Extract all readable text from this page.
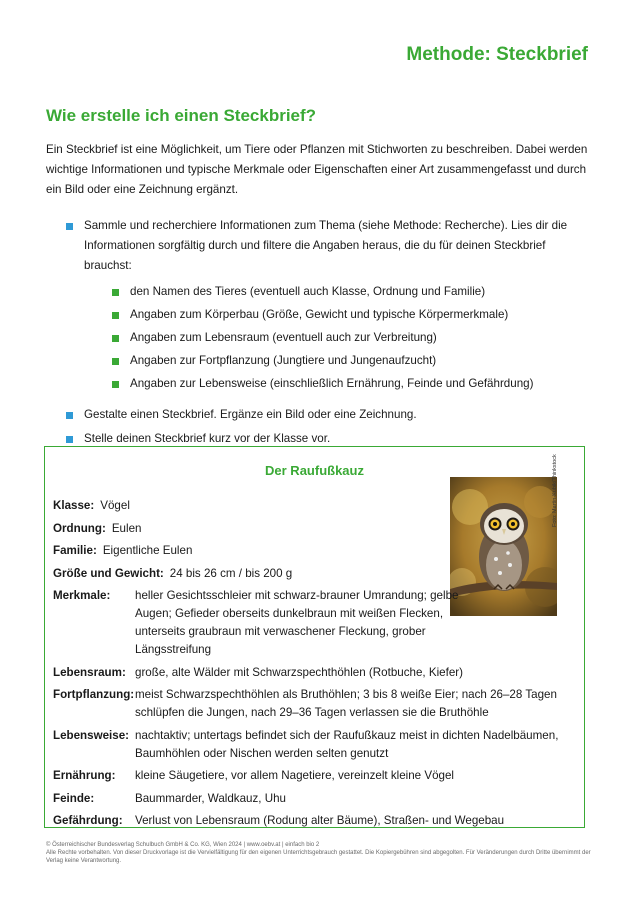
Methode: Steckbrief
Wie erstelle ich einen Steckbrief?

Ein Steckbrief ist eine Möglichkeit, um Tiere oder Pflanzen mit Stichworten zu beschreiben. Dabei werden wichtige Informationen und typische Merkmale oder Eigenschaften einer Art zusammengefasst und durch ein Bild oder eine Zeichnung ergänzt.

Sammle und recherchiere Informationen zum Thema (siehe Methode: Recherche). Lies dir die Informationen sorgfältig durch und filtere die Angaben heraus, die du für deinen Steckbrief brauchst:
den Namen des Tieres (eventuell auch Klasse, Ordnung und Familie)
Angaben zum Körperbau (Größe, Gewicht und typische Körpermerkmale)
Angaben zum Lebensraum (eventuell auch zur Verbreitung)
Angaben zur Fortpflanzung (Jungtiere und Jungenaufzucht)
Angaben zur Lebensweise (einschließlich Ernährung, Feinde und Gefährdung)
Gestalte einen Steckbrief. Ergänze ein Bild oder eine Zeichnung.
Stelle deinen Steckbrief kurz vor der Klasse vor.
Der Raufußkauz	Foto: Martin-Kubik/Thinkstock
Klasse: Vögel
Ordnung: Eulen
Familie: Eigentliche Eulen
Größe und Gewicht: 24 bis 26 cm / bis 200 g
Merkmale:	heller Gesichtsschleier mit schwarz-brauner Umrandung; gelbe Augen; Gefieder oberseits dunkelbraun mit weißen Flecken, unterseits graubraun mit verwaschener Fleckung, grober Längsstreifung
Lebensraum: große, alte Wälder mit Schwarzspechthöhlen (Rotbuche, Kiefer)
Fortpflanzung: meist Schwarzspechthöhlen als Bruthöhlen; 3 bis 8 weiße Eier; nach 26–28 Tagen schlüpfen die Jungen, nach 29–36 Tagen verlassen sie die Bruthöhle
Lebensweise: nachtaktiv; untertags befindet sich der Raufußkauz meist in dichten Nadelbäumen, Baumhöhlen oder Nischen werden selten genutzt
Ernährung:	kleine Säugetiere, vor allem Nagetiere, vereinzelt kleine Vögel
Feinde:	Baummarder, Waldkauz, Uhu
Gefährdung:	Verlust von Lebensraum (Rodung alter Bäume), Straßen- und Wegebau
© Österreichischer Bundesverlag Schulbuch GmbH & Co. KG, Wien 2024 | www.oebv.at | einfach bio 2
Alle Rechte vorbehalten. Von dieser Druckvorlage ist die Vervielfältigung für den eigenen Unterrichtsgebrauch gestattet. Die Kopiergebühren sind abgegolten. Für Veränderungen durch Dritte übernimmt der Verlag keine Verantwortung.
